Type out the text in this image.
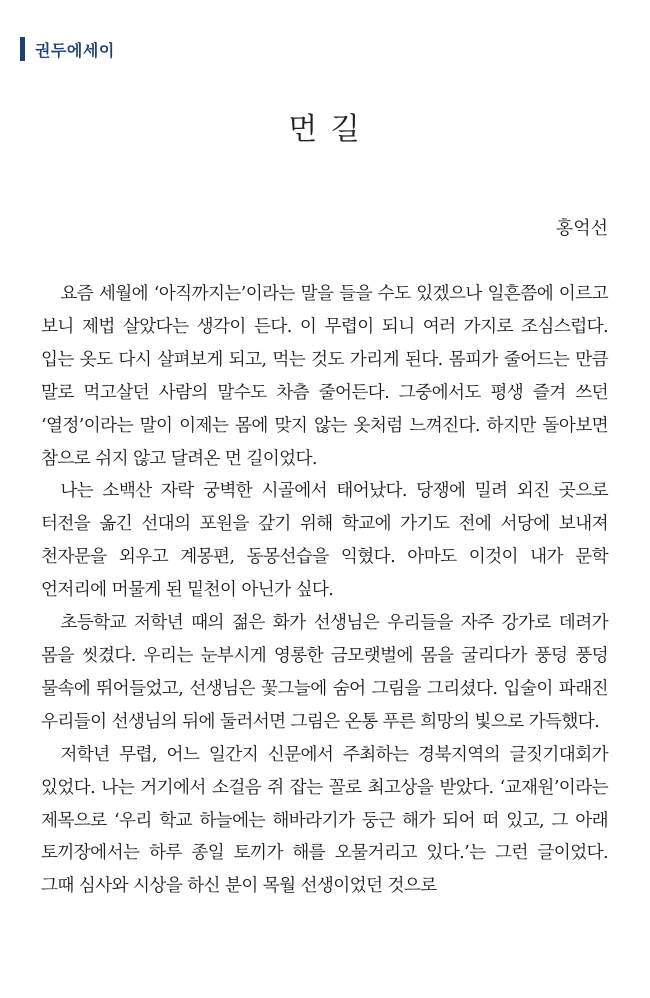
권두에세이
먼 길
홍억선

요즘 세월에 ‘아직까지는’이라는 말을 들을 수도 있겠으나 일흔쯤에 이르고 보니 제법 살았다는 생각이 든다. 이 무렵이 되니 여러 가지로 조심스럽다. 입는 옷도 다시 살펴보게 되고, 먹는 것도 가리게 된다. 몸피가 줄어드는 만큼 말로 먹고살던 사람의 말수도 차츰 줄어든다. 그중에서도 평생 즐겨 쓰던 ‘열정’이라는 말이 이제는 몸에 맞지 않는 옷처럼 느껴진다. 하지만 돌아보면 참으로 쉬지 않고 달려온 먼 길이었다.

나는 소백산 자락 궁벽한 시골에서 태어났다. 당쟁에 밀려 외진 곳으로 터전을 옮긴 선대의 포원을 갚기 위해 학교에 가기도 전에 서당에 보내져 천자문을 외우고 계몽편, 동몽선습을 익혔다. 아마도 이것이 내가 문학 언저리에 머물게 된 밑천이 아닌가 싶다.

초등학교 저학년 때의 젊은 화가 선생님은 우리들을 자주 강가로 데려가 몸을 씻겼다. 우리는 눈부시게 영롱한 금모랫벌에 몸을 굴리다가 풍덩 풍덩 물속에 뛰어들었고, 선생님은 꽃그늘에 숨어 그림을 그리셨다. 입술이 파래진 우리들이 선생님의 뒤에 둘러서면 그림은 온통 푸른 희망의 빛으로 가득했다.

저학년 무렵, 어느 일간지 신문에서 주최하는 경북지역의 글짓기대회가 있었다. 나는 거기에서 소걸음 쥐 잡는 꼴로 최고상을 받았다. ‘교재원’이라는 제목으로 ‘우리 학교 하늘에는 해바라기가 둥근 해가 되어 떠 있고, 그 아래 토끼장에서는 하루 종일 토끼가 해를 오물거리고 있다.’는 그런 글이었다. 그때 심사와 시상을 하신 분이 목월 선생이었던 것으로
